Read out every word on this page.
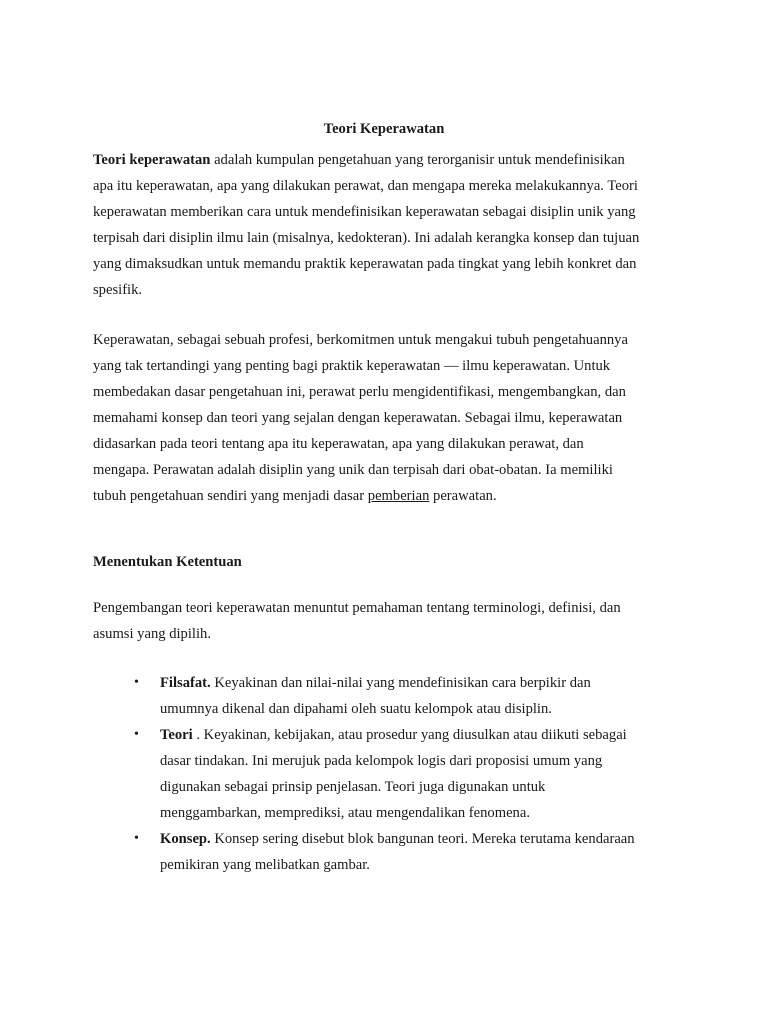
Teori Keperawatan

Teori keperawatan adalah kumpulan pengetahuan yang terorganisir untuk mendefinisikan
apa itu keperawatan, apa yang dilakukan perawat, dan mengapa mereka melakukannya. Teori
keperawatan memberikan cara untuk mendefinisikan keperawatan sebagai disiplin unik yang
terpisah dari disiplin ilmu lain (misalnya, kedokteran). Ini adalah kerangka konsep dan tujuan
yang dimaksudkan untuk memandu praktik keperawatan pada tingkat yang lebih konkret dan
spesifik.

Keperawatan, sebagai sebuah profesi, berkomitmen untuk mengakui tubuh pengetahuannya
yang tak tertandingi yang penting bagi praktik keperawatan — ilmu keperawatan. Untuk
membedakan dasar pengetahuan ini, perawat perlu mengidentifikasi, mengembangkan, dan
memahami konsep dan teori yang sejalan dengan keperawatan. Sebagai ilmu, keperawatan
didasarkan pada teori tentang apa itu keperawatan, apa yang dilakukan perawat, dan
mengapa. Perawatan adalah disiplin yang unik dan terpisah dari obat-obatan. Ia memiliki
tubuh pengetahuan sendiri yang menjadi dasar pemberian perawatan.

Menentukan Ketentuan

Pengembangan teori keperawatan menuntut pemahaman tentang terminologi, definisi, dan
asumsi yang dipilih.

• Filsafat. Keyakinan dan nilai-nilai yang mendefinisikan cara berpikir dan
umumnya dikenal dan dipahami oleh suatu kelompok atau disiplin.
• Teori . Keyakinan, kebijakan, atau prosedur yang diusulkan atau diikuti sebagai
dasar tindakan. Ini merujuk pada kelompok logis dari proposisi umum yang
digunakan sebagai prinsip penjelasan. Teori juga digunakan untuk
menggambarkan, memprediksi, atau mengendalikan fenomena.
• Konsep. Konsep sering disebut blok bangunan teori. Mereka terutama kendaraan
pemikiran yang melibatkan gambar.
